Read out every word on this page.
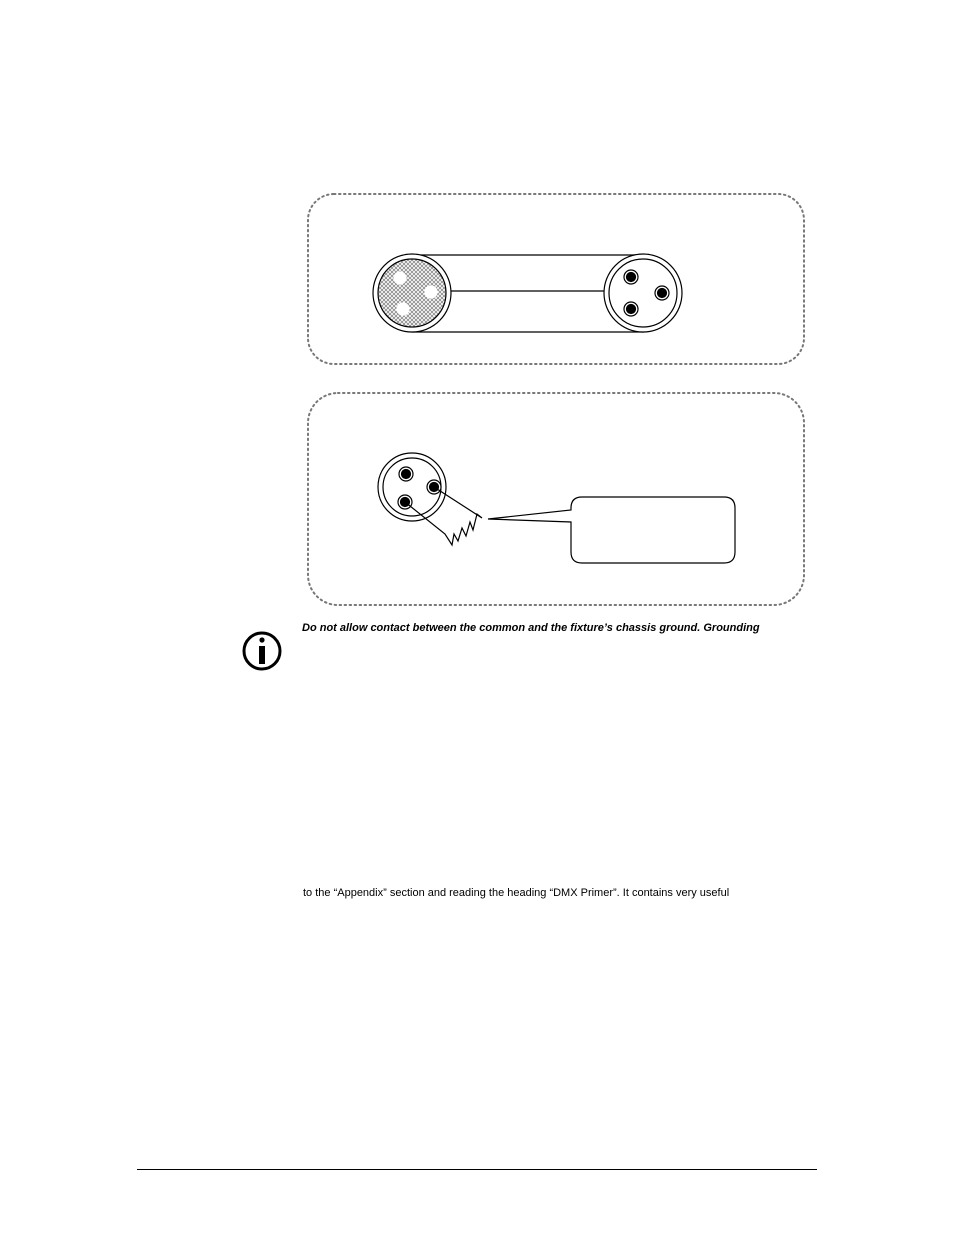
Do not allow contact between the common and the fixture’s chassis ground. Grounding
to the “Appendix” section and reading the heading “DMX Primer”. It contains very useful
